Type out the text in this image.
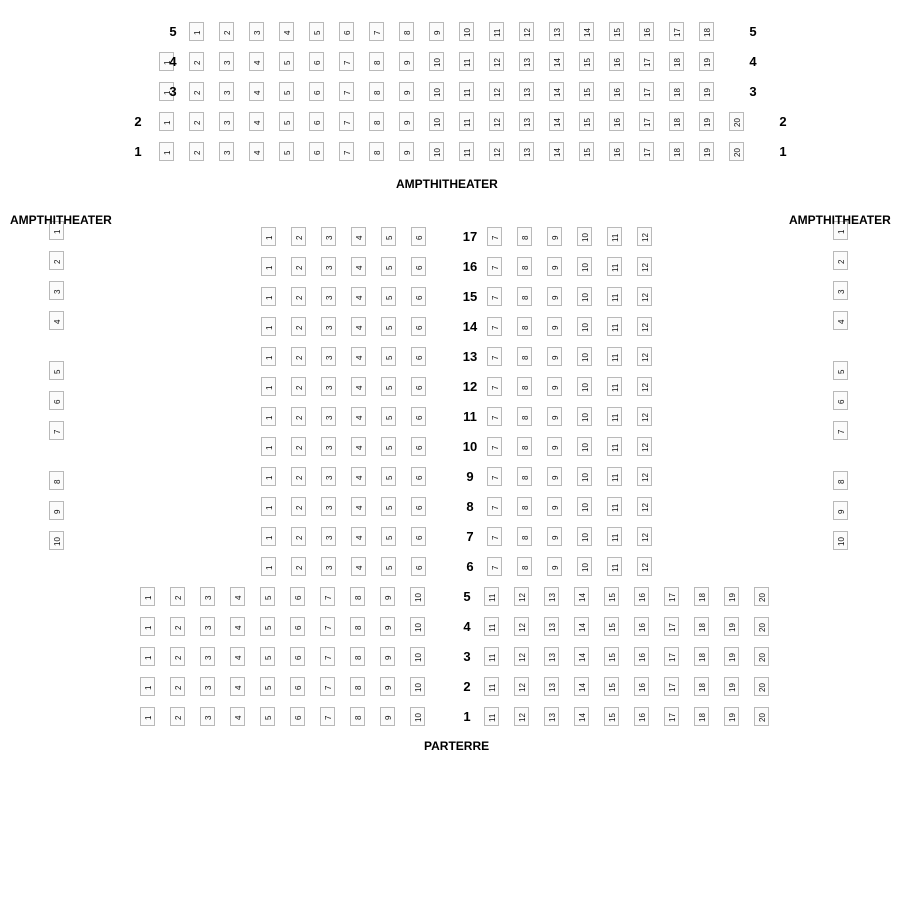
1	2	3	4	5	6	7	8	9	10	11	12	13	14	15	16	17	18
5	5
1	2	3	4	5	6	7	8	9	10	11	12	13	14	15	16	17	18	19
4	4
1	2	3	4	5	6	7	8	9	10	11	12	13	14	15	16	17	18	19
3	3
1	2	3	4	5	6	7	8	9	10	11	12	13	14	15	16	17	18	19	20
2	2
1	2	3	4	5	6	7	8	9	10	11	12	13	14	15	16	17	18	19	20
1	1
1
2
3
4
5
6
7
8
9
10
1
2
3
4
5
6
7
8
9
10
1	2	3	4	5	6	7	8	9	10	11	12
17
1	2	3	4	5	6	7	8	9	10	11	12
16
1	2	3	4	5	6	7	8	9	10	11	12
15
1	2	3	4	5	6	7	8	9	10	11	12
14
1	2	3	4	5	6	7	8	9	10	11	12
13
1	2	3	4	5	6	7	8	9	10	11	12
12
1	2	3	4	5	6	7	8	9	10	11	12
11
1	2	3	4	5	6	7	8	9	10	11	12
10
1	2	3	4	5	6	7	8	9	10	11	12
9
1	2	3	4	5	6	7	8	9	10	11	12
8
1	2	3	4	5	6	7	8	9	10	11	12
7
1	2	3	4	5	6	7	8	9	10	11	12
6
1	2	3	4	5	6	7	8	9	10	11	12	13	14	15	16	17	18	19	20
5
1	2	3	4	5	6	7	8	9	10	11	12	13	14	15	16	17	18	19	20
4
1	2	3	4	5	6	7	8	9	10	11	12	13	14	15	16	17	18	19	20
3
1	2	3	4	5	6	7	8	9	10	11	12	13	14	15	16	17	18	19	20
2
1	2	3	4	5	6	7	8	9	10	11	12	13	14	15	16	17	18	19	20
1
AMPTHITHEATER
AMPTHITHEATER	AMPTHITHEATER
PARTERRE
